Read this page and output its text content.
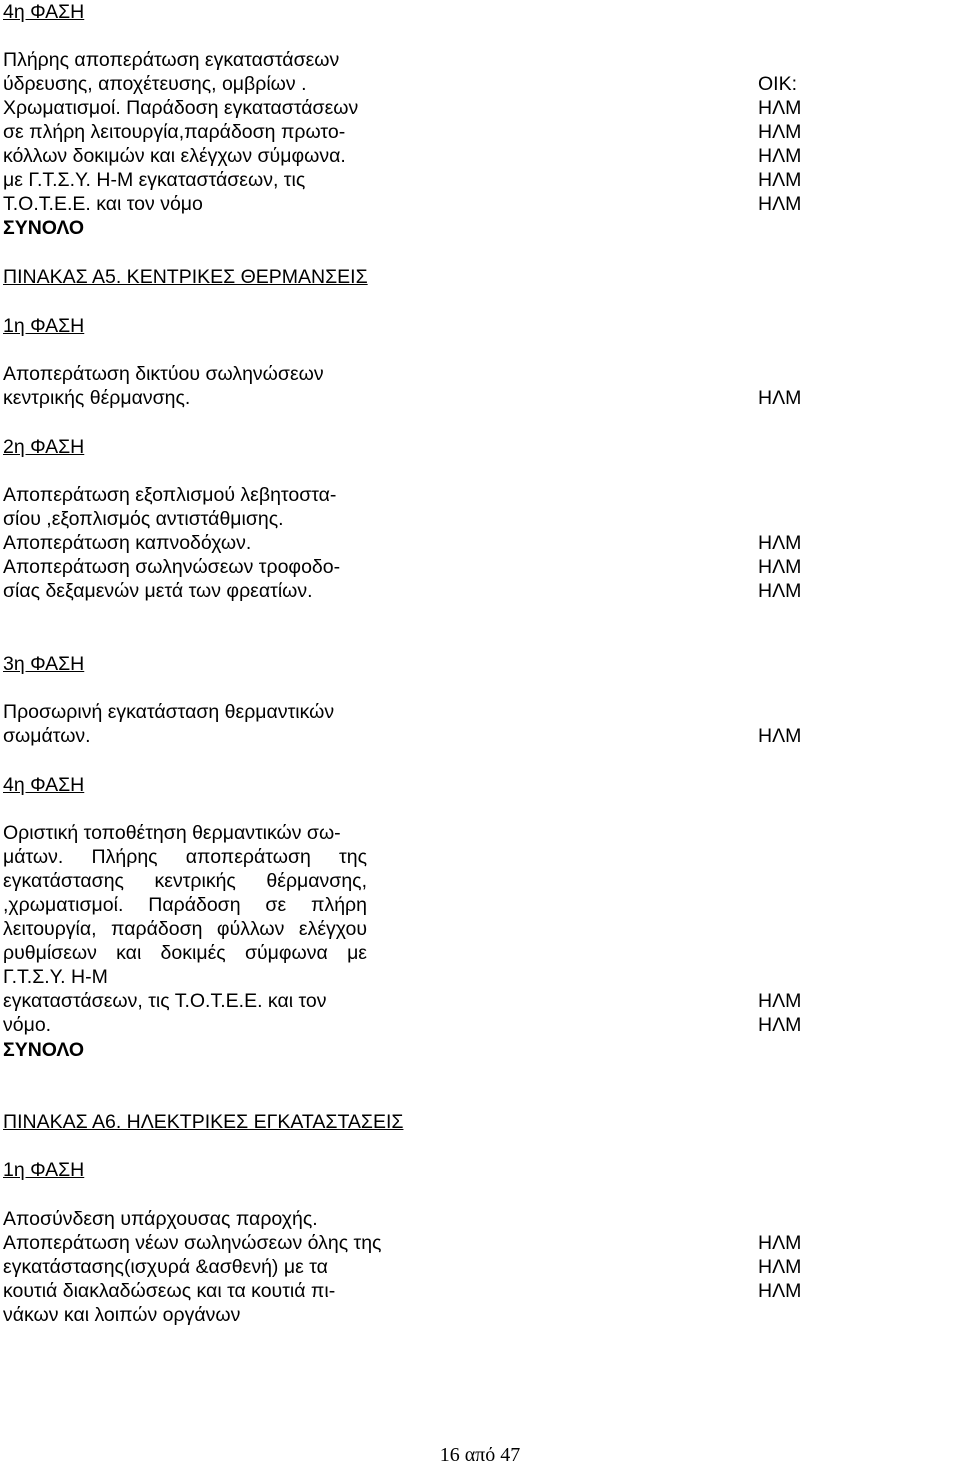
4η ΦΑΣΗ
Πλήρης αποπεράτωση εγκαταστάσεων
ύδρευσης, αποχέτευσης, ομβρίων .	ΟΙΚ:
Χρωματισμοί. Παράδοση εγκαταστάσεων	ΗΛΜ
σε πλήρη λειτουργία,παράδοση πρωτο-	ΗΛΜ
κόλλων δοκιμών και ελέγχων σύμφωνα.	ΗΛΜ
με Γ.Τ.Σ.Υ. Η-Μ εγκαταστάσεων, τις	ΗΛΜ
Τ.Ο.Τ.Ε.Ε. και τον νόμο	ΗΛΜ
ΣΥΝΟΛΟ
ΠΙΝΑΚΑΣ Α5. ΚΕΝΤΡΙΚΕΣ ΘΕΡΜΑΝΣΕΙΣ
1η ΦΑΣΗ
Αποπεράτωση δικτύου σωληνώσεων
κεντρικής θέρμανσης.	ΗΛΜ
2η ΦΑΣΗ
Αποπεράτωση εξοπλισμού λεβητοστα-
σίου ,εξοπλισμός αντιστάθμισης.
Αποπεράτωση καπνοδόχων.	ΗΛΜ
Αποπεράτωση σωληνώσεων τροφοδο-	ΗΛΜ
σίας δεξαμενών μετά των φρεατίων.	ΗΛΜ
3η ΦΑΣΗ
Προσωρινή εγκατάσταση θερμαντικών
σωμάτων.	ΗΛΜ
4η ΦΑΣΗ
Οριστική τοποθέτηση θερμαντικών σω-
μάτων. Πλήρης αποπεράτωση της
εγκατάστασης κεντρικής θέρμανσης,
,χρωματισμοί. Παράδοση σε πλήρη
λειτουργία, παράδοση φύλλων ελέγχου
ρυθμίσεων και δοκιμές σύμφωνα με
Γ.Τ.Σ.Υ. Η-Μ
εγκαταστάσεων, τις Τ.Ο.Τ.Ε.Ε. και τον	ΗΛΜ
νόμο.	ΗΛΜ
ΣΥΝΟΛΟ
ΠΙΝΑΚΑΣ Α6. ΗΛΕΚΤΡΙΚΕΣ ΕΓΚΑΤΑΣΤΑΣΕΙΣ
1η ΦΑΣΗ
Αποσύνδεση υπάρχουσας παροχής.
Αποπεράτωση νέων σωληνώσεων όλης της	ΗΛΜ
εγκατάστασης(ισχυρά &ασθενή) με τα	ΗΛΜ
κουτιά διακλαδώσεως και τα κουτιά πι-	ΗΛΜ
νάκων και λοιπών οργάνων
16 από 47
